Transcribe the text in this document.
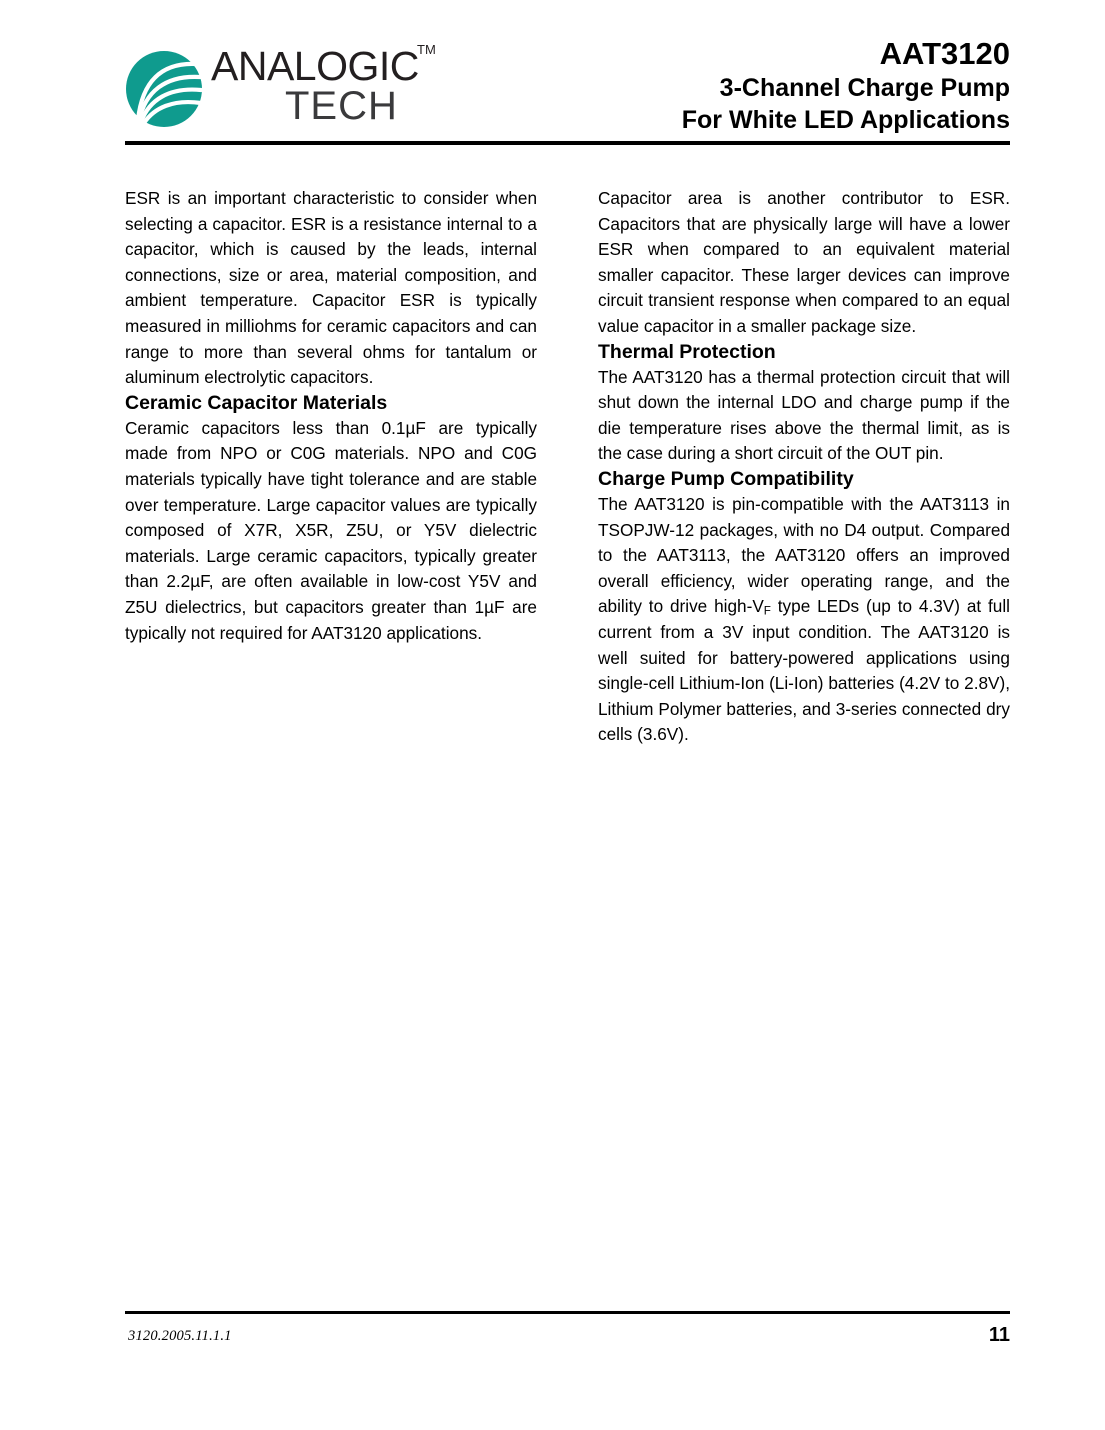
ANALOGIC
TM
TECH
AAT3120
3-Channel Charge Pump
For White LED Applications

ESR is an important characteristic to consider when selecting a capacitor. ESR is a resistance internal to a capacitor, which is caused by the leads, internal connections, size or area, material composition, and ambient temperature. Capacitor ESR is typically measured in milliohms for ceramic capacitors and can range to more than several ohms for tantalum or aluminum electrolytic capacitors.

Ceramic Capacitor Materials

Ceramic capacitors less than 0.1µF are typically made from NPO or C0G materials. NPO and C0G materials typically have tight tolerance and are stable over temperature. Large capacitor values are typically composed of X7R, X5R, Z5U, or Y5V dielectric materials. Large ceramic capacitors, typically greater than 2.2µF, are often available in low-cost Y5V and Z5U dielectrics, but capacitors greater than 1µF are typically not required for AAT3120 applications.

Capacitor area is another contributor to ESR. Capacitors that are physically large will have a lower ESR when compared to an equivalent material smaller capacitor. These larger devices can improve circuit transient response when compared to an equal value capacitor in a smaller package size.

Thermal Protection

The AAT3120 has a thermal protection circuit that will shut down the internal LDO and charge pump if the die temperature rises above the thermal limit, as is the case during a short circuit of the OUT pin.

Charge Pump Compatibility

The AAT3120 is pin-compatible with the AAT3113 in TSOPJW-12 packages, with no D4 output. Compared to the AAT3113, the AAT3120 offers an improved overall efficiency, wider operating range, and the ability to drive high-$V_F$ type LEDs (up to 4.3V) at full current from a 3V input condition. The AAT3120 is well suited for battery-powered applications using single-cell Lithium-Ion (Li-Ion) batteries (4.2V to 2.8V), Lithium Polymer batteries, and 3-series connected dry cells (3.6V).

3120.2005.11.1.1	11
